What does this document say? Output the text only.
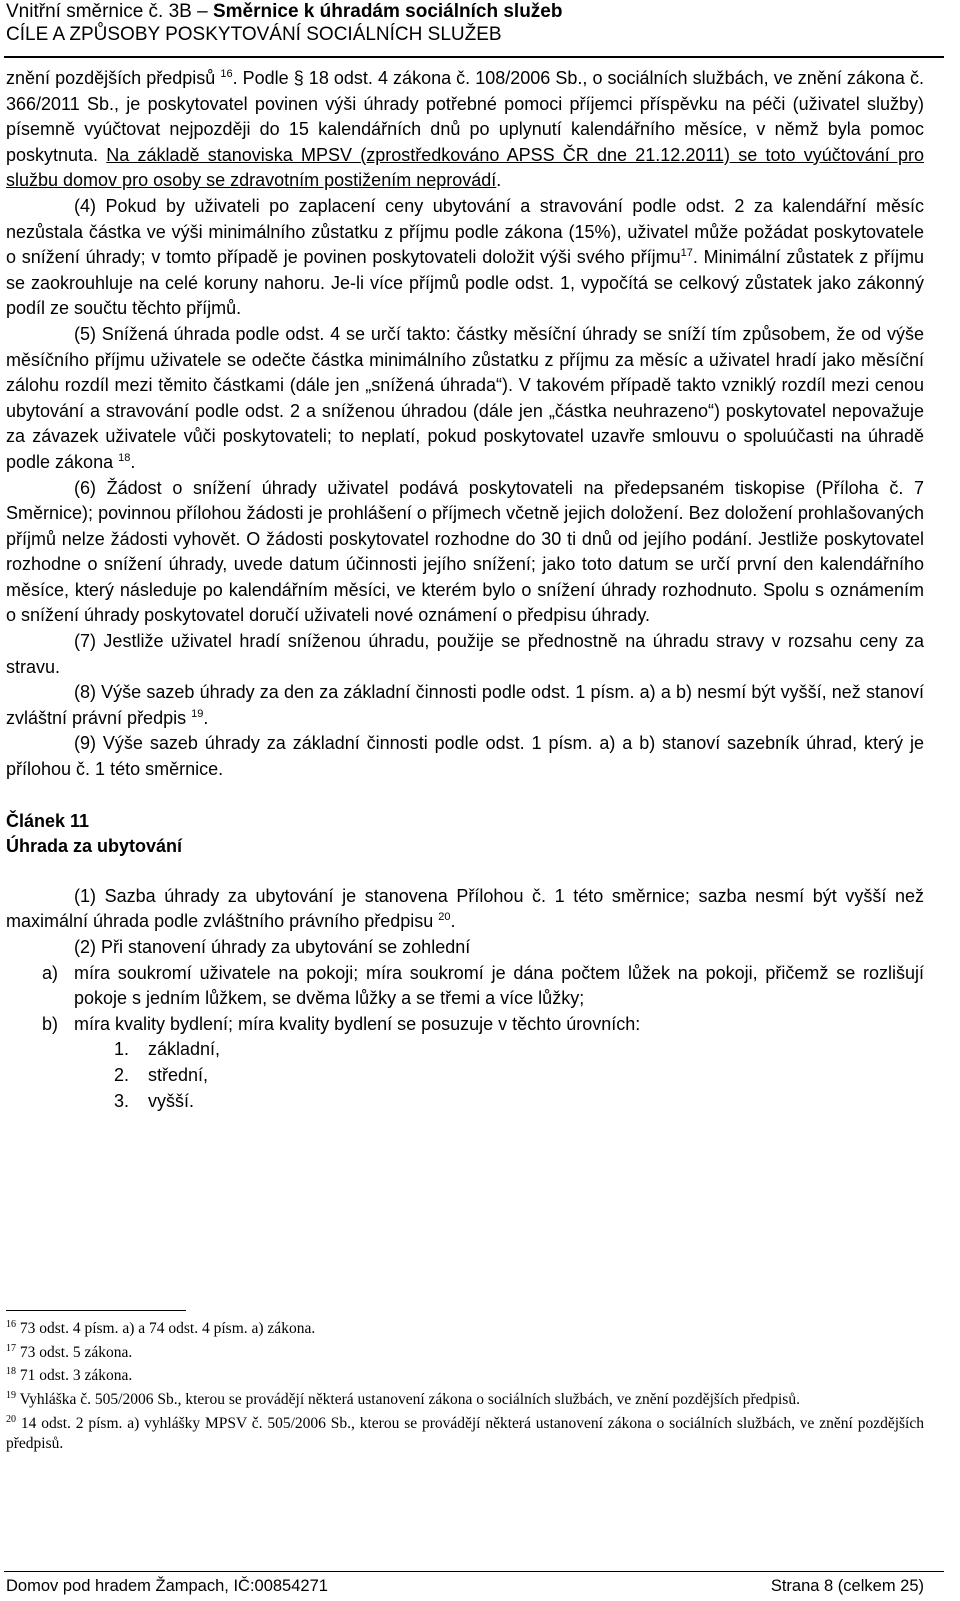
Vnitřní směrnice č. 3B – Směrnice k úhradám sociálních služeb
CÍLE A ZPŮSOBY POSKYTOVÁNÍ SOCIÁLNÍCH SLUŽEB

znění pozdějších předpisů $^{16}$. Podle § 18 odst. 4 zákona č. 108/2006 Sb., o sociálních službách, ve znění zákona č. 366/2011 Sb., je poskytovatel povinen výši úhrady potřebné pomoci příjemci příspěvku na péči (uživatel služby) písemně vyúčtovat nejpozději do 15 kalendářních dnů po uplynutí kalendářního měsíce, v němž byla pomoc poskytnuta. Na základě stanoviska MPSV (zprostředkováno APSS ČR dne 21.12.2011) se toto vyúčtování pro službu domov pro osoby se zdravotním postižením neprovádí.

(4) Pokud by uživateli po zaplacení ceny ubytování a stravování podle odst. 2 za kalendářní měsíc nezůstala částka ve výši minimálního zůstatku z příjmu podle zákona (15%), uživatel může požádat poskytovatele o snížení úhrady; v tomto případě je povinen poskytovateli doložit výši svého příjmu$^{17}$. Minimální zůstatek z příjmu se zaokrouhluje na celé koruny nahoru. Je-li více příjmů podle odst. 1, vypočítá se celkový zůstatek jako zákonný podíl ze součtu těchto příjmů.

(5) Snížená úhrada podle odst. 4 se určí takto: částky měsíční úhrady se sníží tím způsobem, že od výše měsíčního příjmu uživatele se odečte částka minimálního zůstatku z příjmu za měsíc a uživatel hradí jako měsíční zálohu rozdíl mezi těmito částkami (dále jen „snížená úhrada“). V takovém případě takto vzniklý rozdíl mezi cenou ubytování a stravování podle odst. 2 a sníženou úhradou (dále jen „částka neuhrazeno“) poskytovatel nepovažuje za závazek uživatele vůči poskytovateli; to neplatí, pokud poskytovatel uzavře smlouvu o spoluúčasti na úhradě podle zákona $^{18}$.

(6) Žádost o snížení úhrady uživatel podává poskytovateli na předepsaném tiskopise (Příloha č. 7 Směrnice); povinnou přílohou žádosti je prohlášení o příjmech včetně jejich doložení. Bez doložení prohlašovaných příjmů nelze žádosti vyhovět. O žádosti poskytovatel rozhodne do 30 ti dnů od jejího podání. Jestliže poskytovatel rozhodne o snížení úhrady, uvede datum účinnosti jejího snížení; jako toto datum se určí první den kalendářního měsíce, který následuje po kalendářním měsíci, ve kterém bylo o snížení úhrady rozhodnuto. Spolu s oznámením o snížení úhrady poskytovatel doručí uživateli nové oznámení o předpisu úhrady.

(7) Jestliže uživatel hradí sníženou úhradu, použije se přednostně na úhradu stravy v rozsahu ceny za stravu.

(8) Výše sazeb úhrady za den za základní činnosti podle odst. 1 písm. a) a b) nesmí být vyšší, než stanoví zvláštní právní předpis $^{19}$.

(9) Výše sazeb úhrady za základní činnosti podle odst. 1 písm. a) a b) stanoví sazebník úhrad, který je přílohou č. 1 této směrnice.

Článek 11

Úhrada za ubytování

(1) Sazba úhrady za ubytování je stanovena Přílohou č. 1 této směrnice; sazba nesmí být vyšší než maximální úhrada podle zvláštního právního předpisu $^{20}$.

(2) Při stanovení úhrady za ubytování se zohlední

a) míra soukromí uživatele na pokoji; míra soukromí je dána počtem lůžek na pokoji, přičemž se rozlišují pokoje s jedním lůžkem, se dvěma lůžky a se třemi a více lůžky;
b) míra kvality bydlení; míra kvality bydlení se posuzuje v těchto úrovních:
1. základní,
2. střední,
3. vyšší.

$^{16}$ 73 odst. 4 písm. a) a 74 odst. 4 písm. a) zákona.

$^{17}$ 73 odst. 5 zákona.

$^{18}$ 71 odst. 3 zákona.

$^{19}$ Vyhláška č. 505/2006 Sb., kterou se provádějí některá ustanovení zákona o sociálních službách, ve znění pozdějších předpisů.

$^{20}$ 14 odst. 2 písm. a) vyhlášky MPSV č. 505/2006 Sb., kterou se provádějí některá ustanovení zákona o sociálních službách, ve znění pozdějších předpisů.

Domov pod hradem Žampach, IČ:00854271	Strana 8 (celkem 25)
